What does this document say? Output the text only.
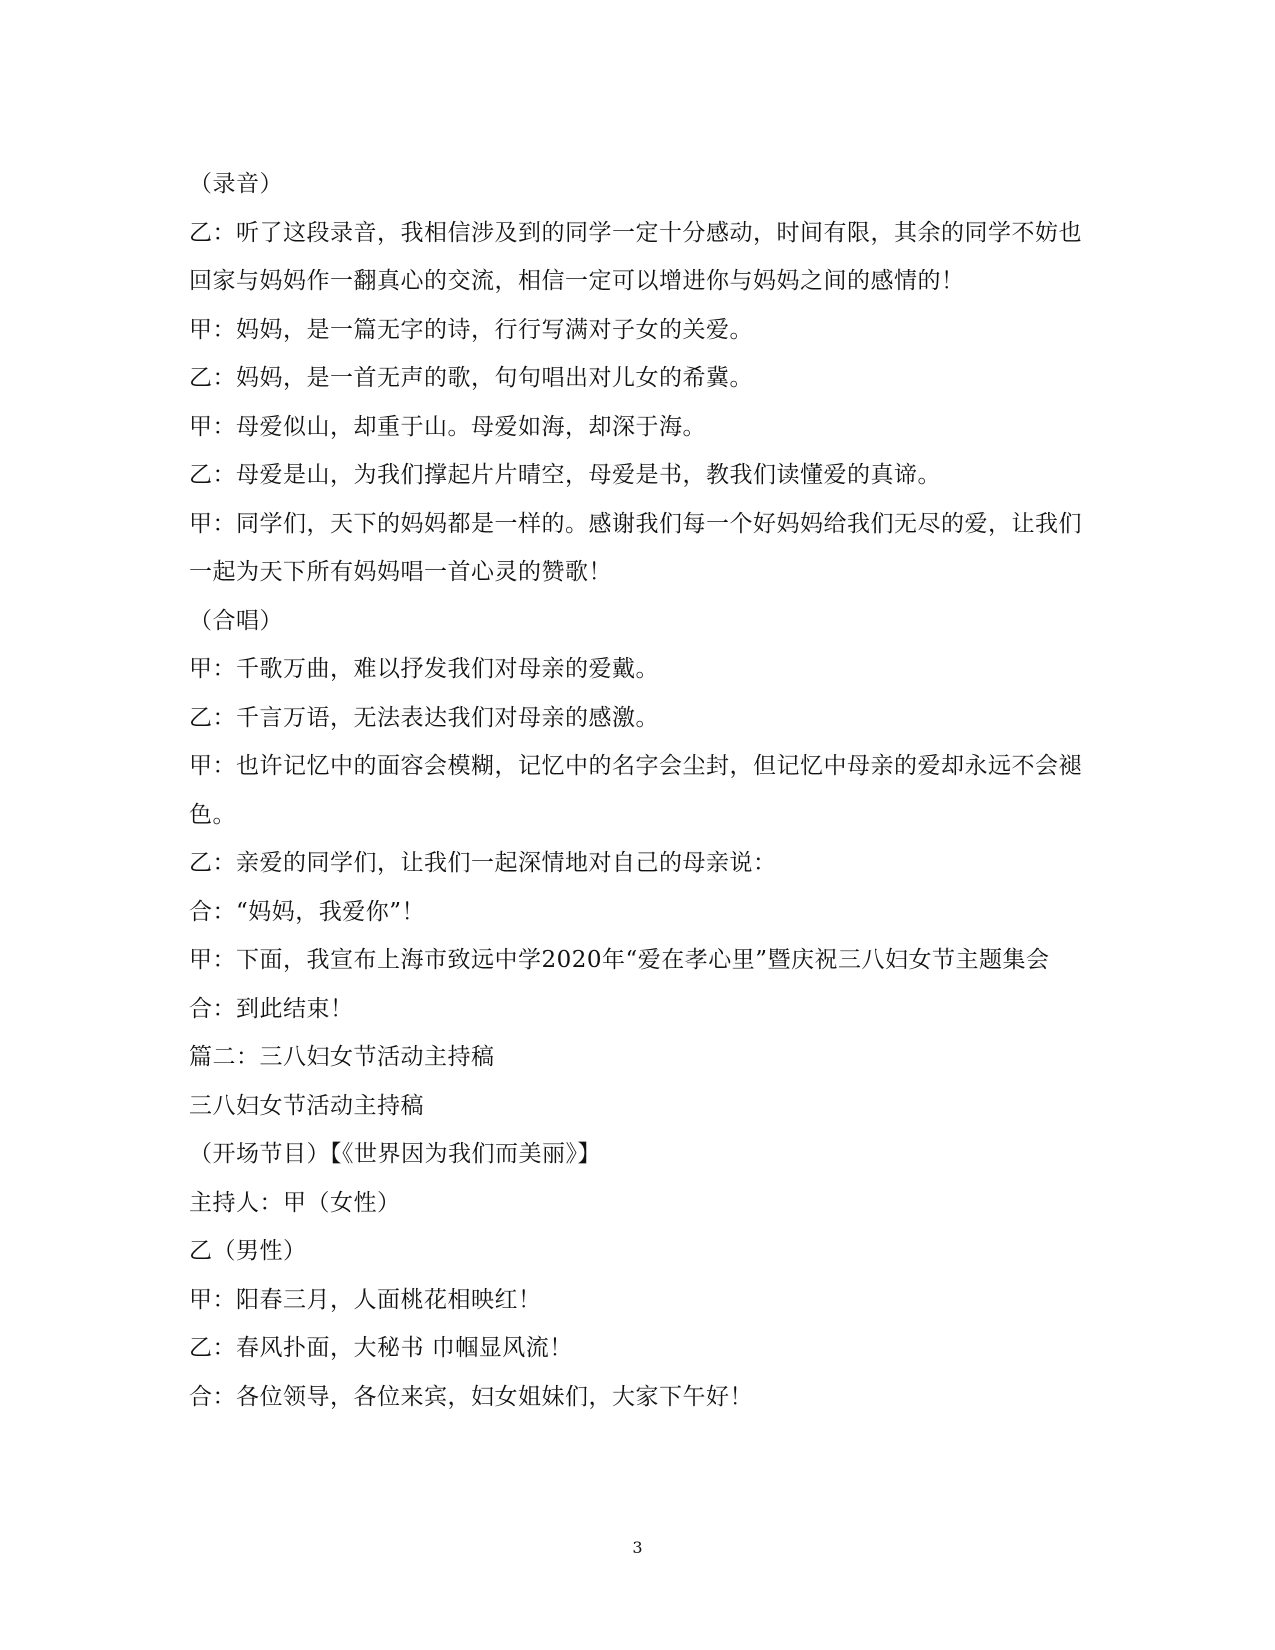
（录音）

乙：听了这段录音，我相信涉及到的同学一定十分感动，时间有限，其余的同学不妨也回家与妈妈作一翻真心的交流，相信一定可以增进你与妈妈之间的感情的！

甲：妈妈，是一篇无字的诗，行行写满对子女的关爱。

乙：妈妈，是一首无声的歌，句句唱出对儿女的希冀。

甲：母爱似山，却重于山。母爱如海，却深于海。

乙：母爱是山，为我们撑起片片晴空，母爱是书，教我们读懂爱的真谛。

甲：同学们，天下的妈妈都是一样的。感谢我们每一个好妈妈给我们无尽的爱，让我们一起为天下所有妈妈唱一首心灵的赞歌！

（合唱）

甲：千歌万曲，难以抒发我们对母亲的爱戴。

乙：千言万语，无法表达我们对母亲的感激。

甲：也许记忆中的面容会模糊，记忆中的名字会尘封，但记忆中母亲的爱却永远不会褪色。

乙：亲爱的同学们，让我们一起深情地对自己的母亲说：

合：“妈妈，我爱你”！

甲：下面，我宣布上海市致远中学2020年“爱在孝心里”暨庆祝三八妇女节主题集会

合：到此结束！

篇二：三八妇女节活动主持稿

三八妇女节活动主持稿

（开场节目）【《世界因为我们而美丽》】

主持人：甲（女性）

乙（男性）

甲：阳春三月，人面桃花相映红！

乙：春风扑面，大秘书 巾帼显风流！

合：各位领导，各位来宾，妇女姐妹们，大家下午好！

3
